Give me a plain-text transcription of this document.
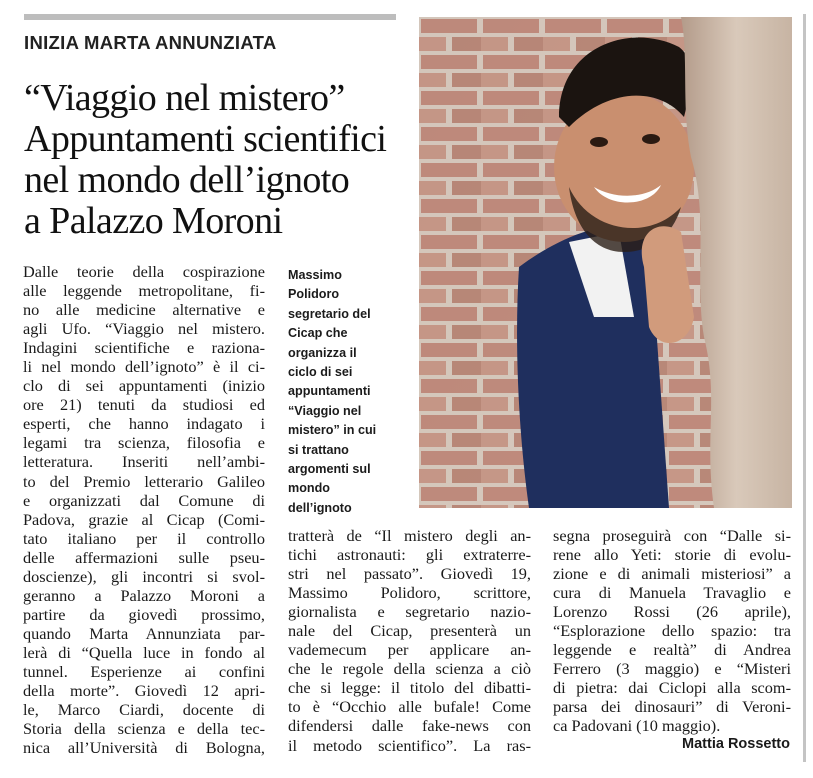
INIZIA MARTA ANNUNZIATA
“Viaggio nel mistero”
Appuntamenti scientifici
nel mondo dell’ignoto
a Palazzo Moroni
Massimo
Polidoro
segretario del
Cicap che
organizza il
ciclo di sei
appuntamenti
“Viaggio nel
mistero” in cui
si trattano
argomenti sul
mondo
dell’ignoto
Dalle teorie della cospirazione
alle leggende metropolitane, fi-
no alle medicine alternative e
agli Ufo. “Viaggio nel mistero.
Indagini scientifiche e raziona-
li nel mondo dell’ignoto” è il ci-
clo di sei appuntamenti (inizio
ore 21) tenuti da studiosi ed
esperti, che hanno indagato i
legami tra scienza, filosofia e
letteratura. Inseriti nell’ambi-
to del Premio letterario Galileo
e organizzati dal Comune di
Padova, grazie al Cicap (Comi-
tato italiano per il controllo
delle affermazioni sulle pseu-
doscienze), gli incontri si svol-
geranno a Palazzo Moroni a
partire da giovedì prossimo,
quando Marta Annunziata par-
lerà di “Quella luce in fondo al
tunnel. Esperienze ai confini
della morte”. Giovedì 12 apri-
le, Marco Ciardi, docente di
Storia della scienza e della tec-
nica all’Università di Bologna,
tratterà de “Il mistero degli an-
tichi astronauti: gli extraterre-
stri nel passato”. Giovedì 19,
Massimo Polidoro, scrittore,
giornalista e segretario nazio-
nale del Cicap, presenterà un
vademecum per applicare an-
che le regole della scienza a ciò
che si legge: il titolo del dibatti-
to è “Occhio alle bufale! Come
difendersi dalle fake-news con
il metodo scientifico”. La ras-
segna proseguirà con “Dalle si-
rene allo Yeti: storie di evolu-
zione e di animali misteriosi” a
cura di Manuela Travaglio e
Lorenzo Rossi (26 aprile),
“Esplorazione dello spazio: tra
leggende e realtà” di Andrea
Ferrero (3 maggio) e “Misteri
di pietra: dai Ciclopi alla scom-
parsa dei dinosauri” di Veroni-
ca Padovani (10 maggio).
Mattia Rossetto
